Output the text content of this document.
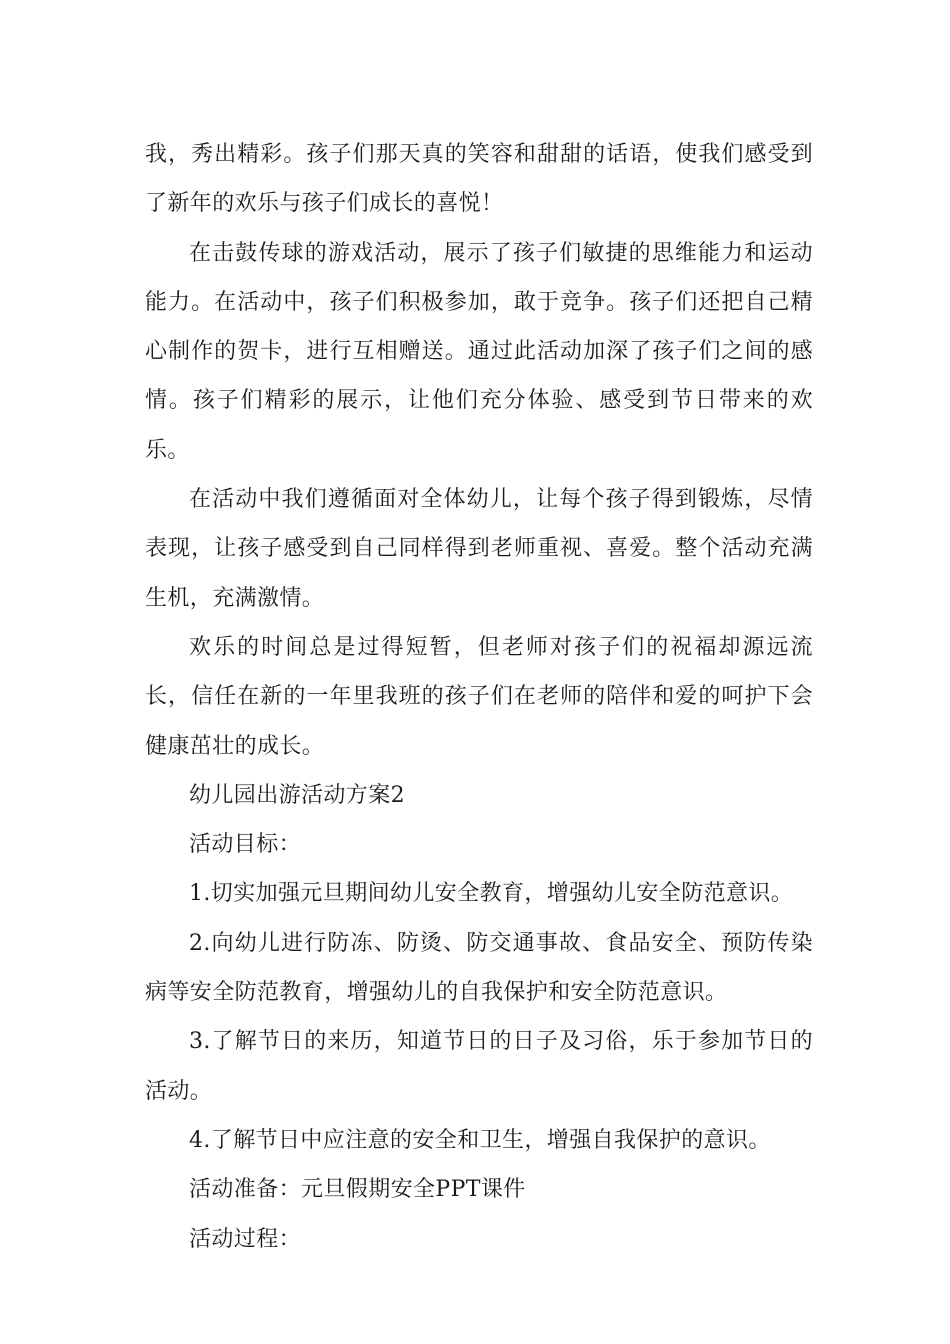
我，秀出精彩。孩子们那天真的笑容和甜甜的话语，使我们感受到了新年的欢乐与孩子们成长的喜悦！

在击鼓传球的游戏活动，展示了孩子们敏捷的思维能力和运动能力。在活动中，孩子们积极参加，敢于竞争。孩子们还把自己精心制作的贺卡，进行互相赠送。通过此活动加深了孩子们之间的感情。孩子们精彩的展示，让他们充分体验、感受到节日带来的欢乐。

在活动中我们遵循面对全体幼儿，让每个孩子得到锻炼，尽情表现，让孩子感受到自己同样得到老师重视、喜爱。整个活动充满生机，充满激情。

欢乐的时间总是过得短暂，但老师对孩子们的祝福却源远流长，信任在新的一年里我班的孩子们在老师的陪伴和爱的呵护下会健康茁壮的成长。

幼儿园出游活动方案2

活动目标：

1.切实加强元旦期间幼儿安全教育，增强幼儿安全防范意识。

2.向幼儿进行防冻、防烫、防交通事故、食品安全、预防传染病等安全防范教育，增强幼儿的自我保护和安全防范意识。

3.了解节日的来历，知道节日的日子及习俗，乐于参加节日的活动。

4.了解节日中应注意的安全和卫生，增强自我保护的意识。

活动准备：元旦假期安全PPT课件

活动过程：
